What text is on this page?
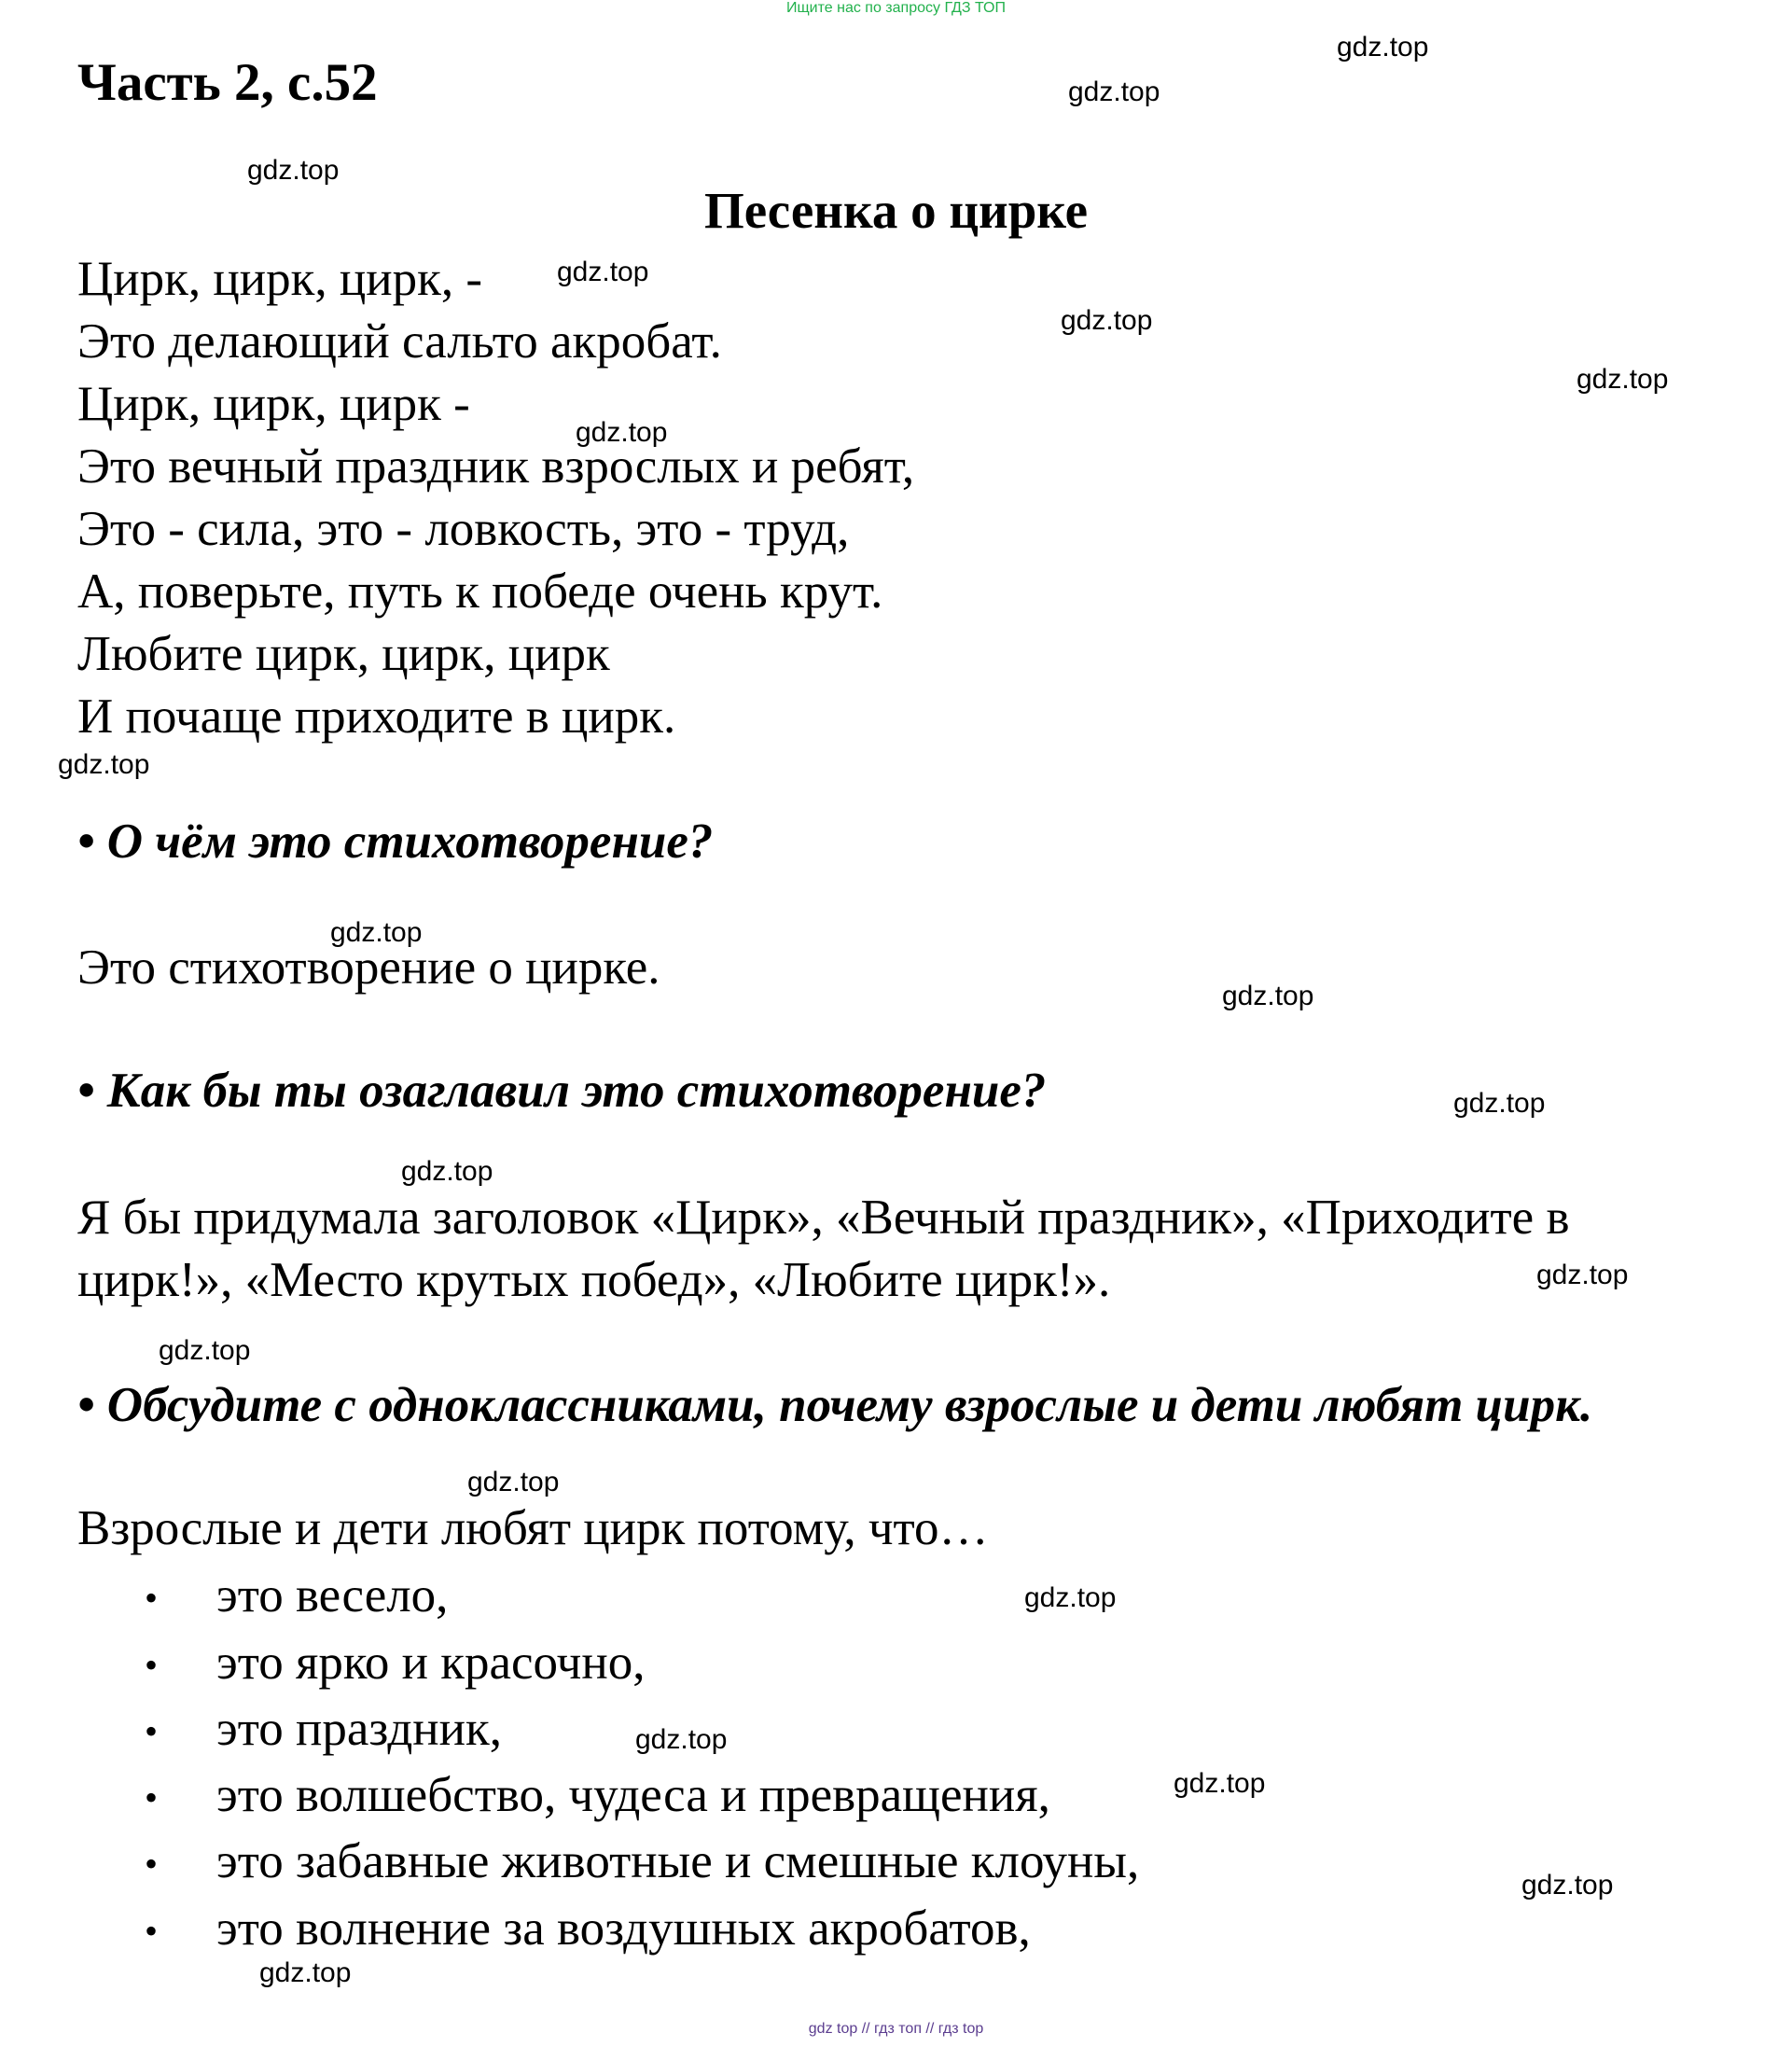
Ищите нас по запросу ГДЗ ТОП
Часть 2, с.52
Песенка о цирке
Цирк, цирк, цирк, -
Это делающий сальто акробат.
Цирк, цирк, цирк -
Это вечный праздник взрослых и ребят,
Это - сила, это - ловкость, это - труд,
А, поверьте, путь к победе очень крут.
Любите цирк, цирк, цирк
И почаще приходите в цирк.
• О чём это стихотворение?
Это стихотворение о цирке.
• Как бы ты озаглавил это стихотворение?
Я бы придумала заголовок «Цирк», «Вечный праздник», «Приходите в
цирк!», «Место крутых побед», «Любите цирк!».
• Обсудите с одноклассниками, почему взрослые и дети любят цирк.
Взрослые и дети любят цирк потому, что…
• это весело,
• это ярко и красочно,
• это праздник,
• это волшебство, чудеса и превращения,
• это забавные животные и смешные клоуны,
• это волнение за воздушных акробатов,
gdz.top
gdz.top
gdz.top
gdz.top
gdz.top
gdz.top
gdz.top
gdz.top
gdz.top
gdz.top
gdz.top
gdz.top
gdz.top
gdz.top
gdz.top
gdz.top
gdz.top
gdz.top
gdz.top
gdz.top
gdz top // гдз топ // гдз top
